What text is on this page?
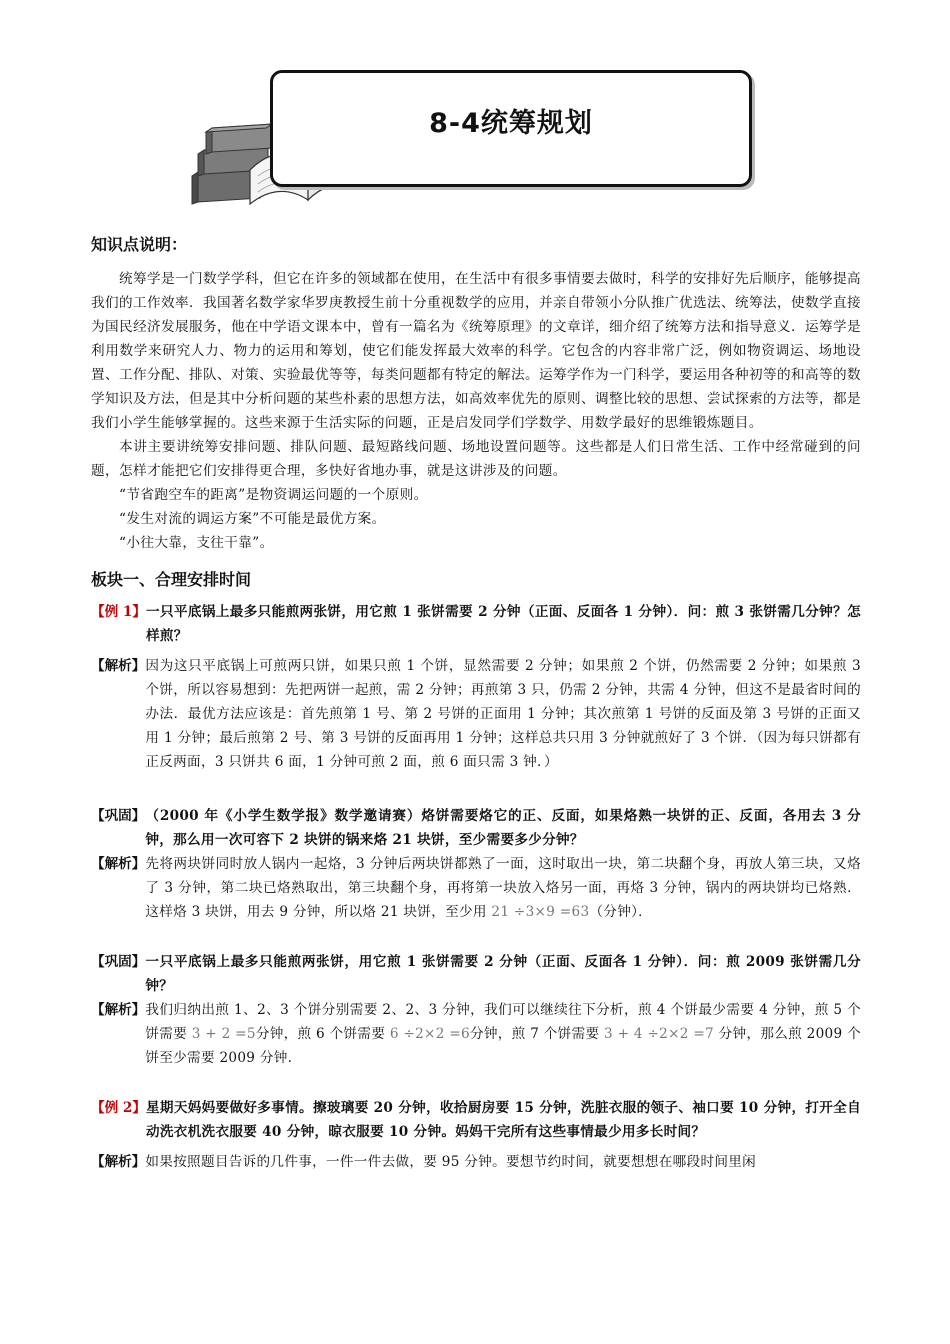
8-4统筹规划
知识点说明：

统筹学是一门数学学科，但它在许多的领域都在使用，在生活中有很多事情要去做时，科学的安排好先后顺序，能够提高我们的工作效率．我国著名数学家华罗庚教授生前十分重视数学的应用，并亲自带领小分队推广优选法、统筹法，使数学直接为国民经济发展服务，他在中学语文课本中，曾有一篇名为《统筹原理》的文章详，细介绍了统筹方法和指导意义．运筹学是利用数学来研究人力、物力的运用和筹划，使它们能发挥最大效率的科学。它包含的内容非常广泛，例如物资调运、场地设置、工作分配、排队、对策、实验最优等等，每类问题都有特定的解法。运筹学作为一门科学，要运用各种初等的和高等的数学知识及方法，但是其中分析问题的某些朴素的思想方法，如高效率优先的原则、调整比较的思想、尝试探索的方法等，都是我们小学生能够掌握的。这些来源于生活实际的问题，正是启发同学们学数学、用数学最好的思维锻炼题目。

本讲主要讲统筹安排问题、排队问题、最短路线问题、场地设置问题等。这些都是人们日常生活、工作中经常碰到的问题，怎样才能把它们安排得更合理，多快好省地办事，就是这讲涉及的问题。

“节省跑空车的距离”是物资调运问题的一个原则。

“发生对流的调运方案”不可能是最优方案。

“小往大靠，支往干靠”。

板块一、合理安排时间
【例 1】 一只平底锅上最多只能煎两张饼，用它煎 1 张饼需要 2 分钟（正面、反面各 1 分钟）．问：煎 3 张饼需几分钟？怎样煎？
【解析】 因为这只平底锅上可煎两只饼，如果只煎 1 个饼，显然需要 2 分钟；如果煎 2 个饼，仍然需要 2 分钟；如果煎 3 个饼，所以容易想到：先把两饼一起煎，需 2 分钟；再煎第 3 只，仍需 2 分钟，共需 4 分钟，但这不是最省时间的办法．最优方法应该是：首先煎第 1 号、第 2 号饼的正面用 1 分钟；其次煎第 1 号饼的反面及第 3 号饼的正面又用 1 分钟；最后煎第 2 号、第 3 号饼的反面再用 1 分钟；这样总共只用 3 分钟就煎好了 3 个饼．（因为每只饼都有正反两面，3 只饼共 6 面，1 分钟可煎 2 面，煎 6 面只需 3 钟．）
【巩固】 （2000 年《小学生数学报》数学邀请赛）烙饼需要烙它的正、反面，如果烙熟一块饼的正、反面，各用去 3 分钟，那么用一次可容下 2 块饼的锅来烙 21 块饼，至少需要多少分钟？
【解析】 先将两块饼同时放人锅内一起烙，3 分钟后两块饼都熟了一面，这时取出一块，第二块翻个身，再放人第三块，又烙了 3 分钟，第二块已烙熟取出，第三块翻个身，再将第一块放入烙另一面，再烙 3 分钟，锅内的两块饼均已烙熟．这样烙 3 块饼，用去 9 分钟，所以烙 21 块饼，至少用 21 ÷3×9 =63（分钟）．
【巩固】 一只平底锅上最多只能煎两张饼，用它煎 1 张饼需要 2 分钟（正面、反面各 1 分钟）．问：煎 2009 张饼需几分钟？
【解析】 我们归纳出煎 1、2、3 个饼分别需要 2、2、3 分钟，我们可以继续往下分析，煎 4 个饼最少需要 4 分钟，煎 5 个饼需要 3 + 2 =5分钟，煎 6 个饼需要 6 ÷2×2 =6分钟，煎 7 个饼需要 3 + 4 ÷2×2 =7 分钟，那么煎 2009 个饼至少需要 2009 分钟.
【例 2】 星期天妈妈要做好多事情。擦玻璃要 20 分钟，收拾厨房要 15 分钟，洗脏衣服的领子、袖口要 10 分钟，打开全自动洗衣机洗衣服要 40 分钟，晾衣服要 10 分钟。妈妈干完所有这些事情最少用多长时间？
【解析】 如果按照题目告诉的几件事，一件一件去做，要 95 分钟。要想节约时间，就要想想在哪段时间里闲
